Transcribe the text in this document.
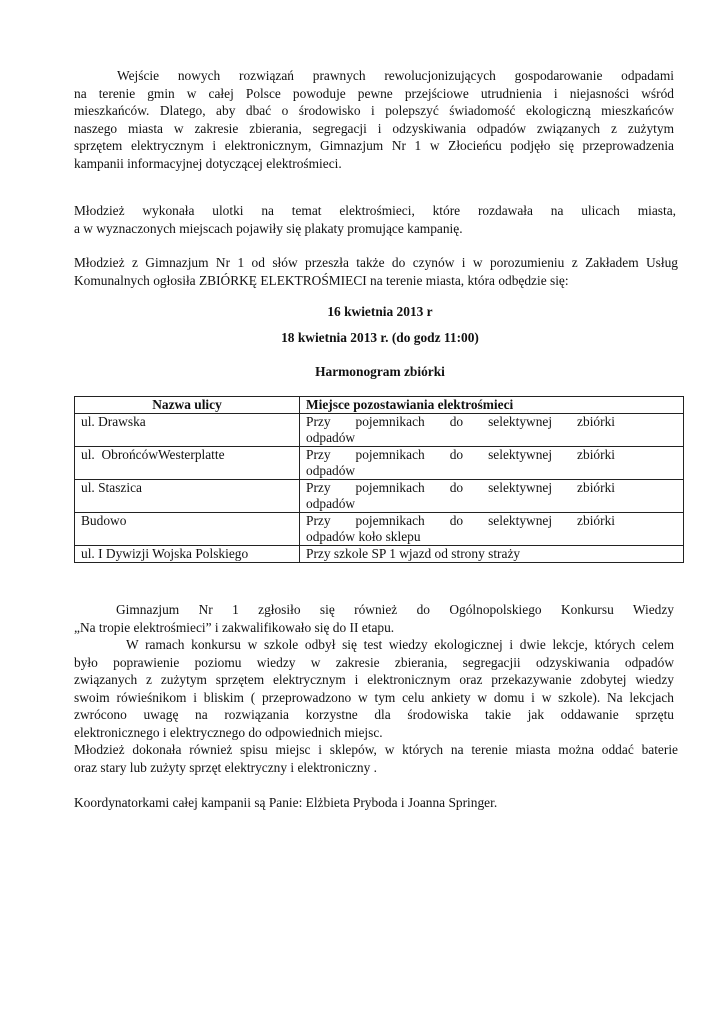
Wejście nowych rozwiązań prawnych rewolucjonizujących gospodarowanie odpadami
na terenie gmin w całej Polsce powoduje pewne przejściowe utrudnienia i niejasności wśród
mieszkańców. Dlatego, aby dbać o środowisko i polepszyć świadomość ekologiczną mieszkańców
naszego miasta w zakresie zbierania, segregacji i odzyskiwania odpadów związanych z zużytym
sprzętem elektrycznym i elektronicznym, Gimnazjum Nr 1 w Złocieńcu podjęło się przeprowadzenia
kampanii informacyjnej dotyczącej elektrośmieci.
Młodzież wykonała ulotki na temat elektrośmieci, które rozdawała na ulicach miasta,
a w wyznaczonych miejscach pojawiły się plakaty promujące kampanię.
Młodzież z Gimnazjum Nr 1 od słów przeszła także do czynów i w porozumieniu z Zakładem Usług
Komunalnych ogłosiła ZBIÓRKĘ ELEKTROŚMIECI na terenie miasta, która odbędzie się:
16 kwietnia 2013 r
18 kwietnia 2013 r. (do godz 11:00)
Harmonogram zbiórki
Nazwa ulicy	Miejsce pozostawiania elektrośmieci
ul. Drawska	Przy pojemnikach do selektywnej zbiórki
odpadów

ul.  ObrońcówWesterplatte	Przy pojemnikach do selektywnej zbiórki
odpadów

ul. Staszica	Przy pojemnikach do selektywnej zbiórki
odpadów

Budowo	Przy pojemnikach do selektywnej zbiórki
odpadów koło sklepu

ul. I Dywizji Wojska Polskiego	Przy szkole SP 1 wjazd od strony straży
Gimnazjum Nr 1 zgłosiło się również do Ogólnopolskiego Konkursu Wiedzy
„Na tropie elektrośmieci” i zakwalifikowało się do II etapu.
W ramach konkursu w szkole odbył się test wiedzy ekologicznej i dwie lekcje, których celem
było poprawienie poziomu wiedzy w zakresie zbierania, segregacjii odzyskiwania odpadów
związanych z zużytym sprzętem elektrycznym i elektronicznym oraz przekazywanie zdobytej wiedzy
swoim rówieśnikom i bliskim ( przeprowadzono w tym celu ankiety w domu i w szkole). Na lekcjach
zwrócono uwagę na rozwiązania korzystne dla środowiska takie jak oddawanie sprzętu
elektronicznego i elektrycznego do odpowiednich miejsc.
Młodzież dokonała również spisu miejsc i sklepów, w których na terenie miasta można oddać baterie
oraz stary lub zużyty sprzęt elektryczny i elektroniczny .
Koordynatorkami całej kampanii są Panie: Elżbieta Pryboda i Joanna Springer.
